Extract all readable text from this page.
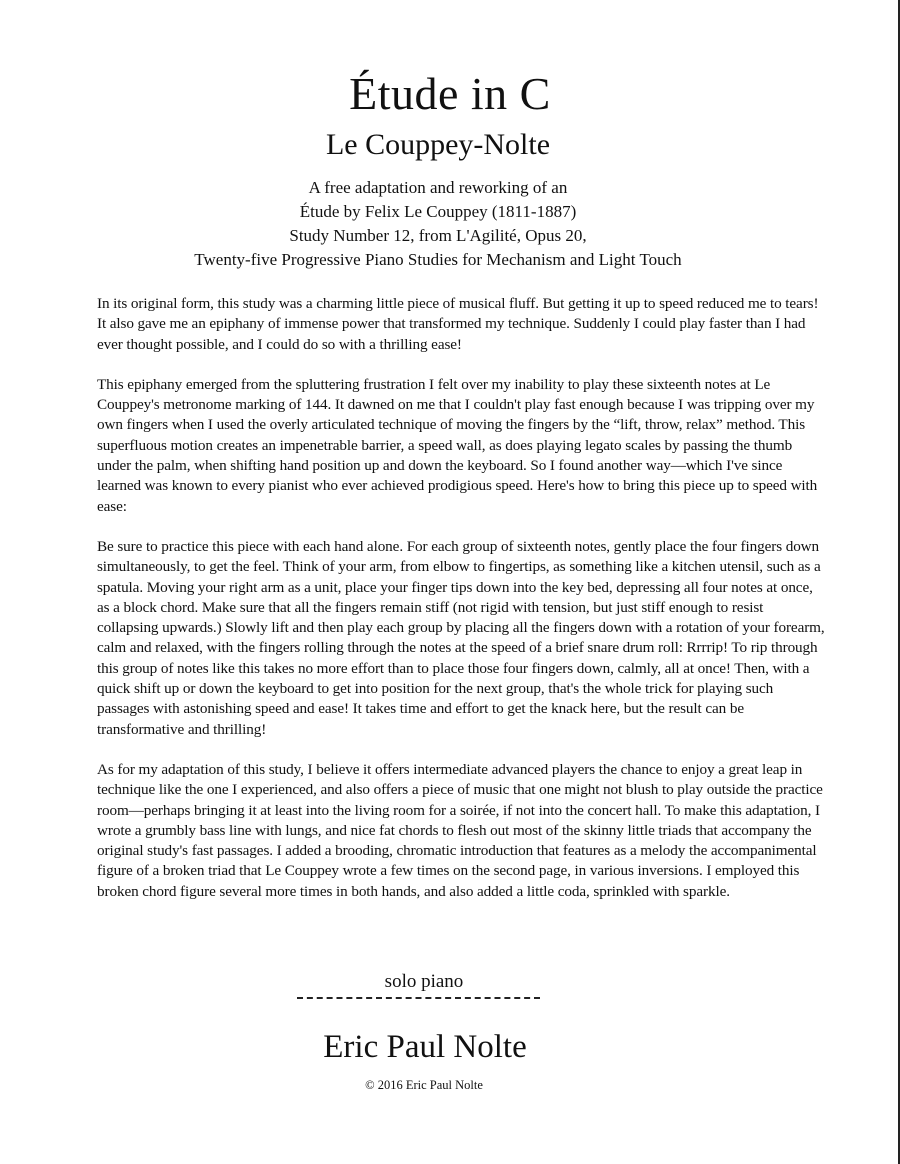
Étude in C
Le Couppey-Nolte
A free adaptation and reworking of an
Étude by Felix Le Couppey (1811-1887)
Study Number 12, from L'Agilité, Opus 20,
Twenty-five Progressive Piano Studies for Mechanism and Light Touch

In its original form, this study was a charming little piece of musical fluff. But getting it up to speed reduced me to tears! It also gave me an epiphany of immense power that transformed my technique. Suddenly I could play faster than I had ever thought possible, and I could do so with a thrilling ease!

This epiphany emerged from the spluttering frustration I felt over my inability to play these sixteenth notes at Le Couppey's metronome marking of 144. It dawned on me that I couldn't play fast enough because I was tripping over my own fingers when I used the overly articulated technique of moving the fingers by the “lift, throw, relax” method. This superfluous motion creates an impenetrable barrier, a speed wall, as does playing legato scales by passing the thumb under the palm, when shifting hand position up and down the keyboard. So I found another way—which I've since learned was known to every pianist who ever achieved prodigious speed. Here's how to bring this piece up to speed with ease:

Be sure to practice this piece with each hand alone. For each group of sixteenth notes, gently place the four fingers down simultaneously, to get the feel. Think of your arm, from elbow to fingertips, as something like a kitchen utensil, such as a spatula. Moving your right arm as a unit, place your finger tips down into the key bed, depressing all four notes at once, as a block chord. Make sure that all the fingers remain stiff (not rigid with tension, but just stiff enough to resist collapsing upwards.) Slowly lift and then play each group by placing all the fingers down with a rotation of your forearm, calm and relaxed, with the fingers rolling through the notes at the speed of a brief snare drum roll: Rrrrip! To rip through this group of notes like this takes no more effort than to place those four fingers down, calmly, all at once! Then, with a quick shift up or down the keyboard to get into position for the next group, that's the whole trick for playing such passages with astonishing speed and ease! It takes time and effort to get the knack here, but the result can be transformative and thrilling!

As for my adaptation of this study, I believe it offers intermediate advanced players the chance to enjoy a great leap in technique like the one I experienced, and also offers a piece of music that one might not blush to play outside the practice room—perhaps bringing it at least into the living room for a soirée, if not into the concert hall. To make this adaptation, I wrote a grumbly bass line with lungs, and nice fat chords to flesh out most of the skinny little triads that accompany the original study's fast passages. I added a brooding, chromatic introduction that features as a melody the accompanimental figure of a broken triad that Le Couppey wrote a few times on the second page, in various inversions. I employed this broken chord figure several more times in both hands, and also added a little coda, sprinkled with sparkle.

solo piano
Eric Paul Nolte
© 2016 Eric Paul Nolte
